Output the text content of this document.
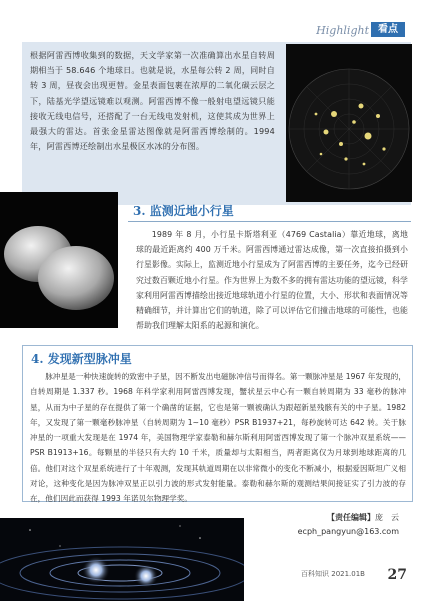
Highlight 看点
根据阿雷西博收集到的数据，天文学家第一次准确算出水星自转周期相当于 58.646 个地球日。也就是说，水星每公转 2 周，同时自转 3 周，昼夜会出现更替。金星表面包裹在浓厚的二氧化碳云层之下，陆基光学望远镜难以观测。阿雷西博不像一般射电望远镜只能接收无线电信号，还搭配了一台无线电发射机，这使其成为世界上最强大的雷达。首张金星雷达图像就是阿雷西博绘制的。1994 年，阿雷西博还绘制出水星极区水冰的分布图。
3. 监测近地小行星
1989 年 8 月，小行星卡斯塔利亚（4769 Castalia）靠近地球，离地球的最近距离约 400 万千米。阿雷西博通过雷达成像，第一次直接拍摄到小行星影像。实际上，监测近地小行星成为了阿雷西博的主要任务，迄今已经研究过数百颗近地小行星。作为世界上为数不多的拥有雷达功能的望远镜，科学家利用阿雷西博描绘出接近地球轨道小行星的位置，大小、形状和表面情况等精确细节，并计算出它们的轨道，除了可以评估它们撞击地球的可能性，也能帮助我们理解太阳系的起源和演化。
4. 发现新型脉冲星
脉冲星是一种快速旋转的致密中子星，因不断发出电磁脉冲信号而得名。第一颗脉冲星是 1967 年发现的，自转周期是 1.337 秒。1968 年科学家利用阿雷西博发现，蟹状星云中心有一颗自转周期为 33 毫秒的脉冲星，从而为中子星的存在提供了第一个确凿的证据，它也是第一颗被确认为跟超新星残骸有关的中子星。1982 年，又发现了第一颗毫秒脉冲星（自转周期为 1~10 毫秒）PSR B1937+21，每秒旋转可达 642 转。关于脉冲星的一项重大发现是在 1974 年，美国物理学家泰勒和赫尔斯利用阿雷西博发现了第一个脉冲双星系统——PSR B1913+16。每颗星的半径只有大约 10 千米，质量却与太阳相当，两者距离仅为月球到地球距离的几倍。他们对这个双星系统进行了十年观测，发现其轨道周期在以非常微小的变化不断减小，根据爱因斯坦广义相对论，这种变化是因为脉冲双星正以引力波的形式发射能量。泰勒和赫尔斯的观测结果间接证实了引力波的存在，他们因此而获得 1993 年诺贝尔物理学奖。
【责任编辑】庞　云
ecph_pangyun@163.com
百科知识 2021.01B 27
